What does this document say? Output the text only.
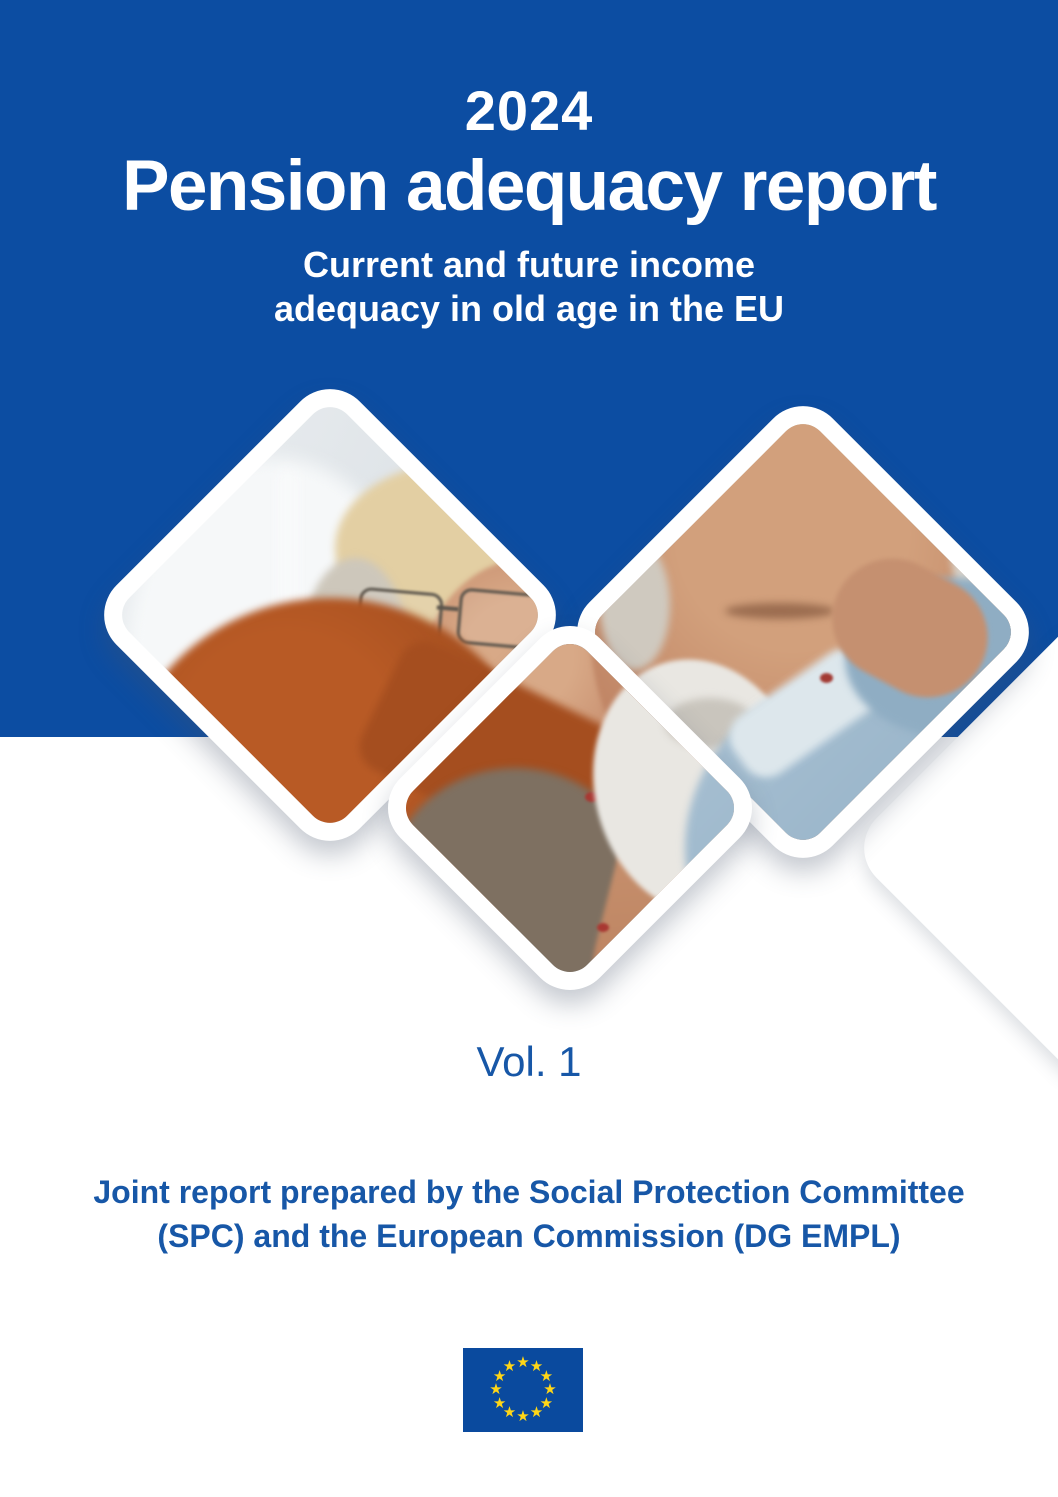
2024
Pension adequacy report
Current and future income
adequacy in old age in the EU
Vol. 1
Joint report prepared by the Social Protection Committee
(SPC) and the European Commission (DG EMPL)
★ ★
★
★
★
★
★
★
★
★
★
★
